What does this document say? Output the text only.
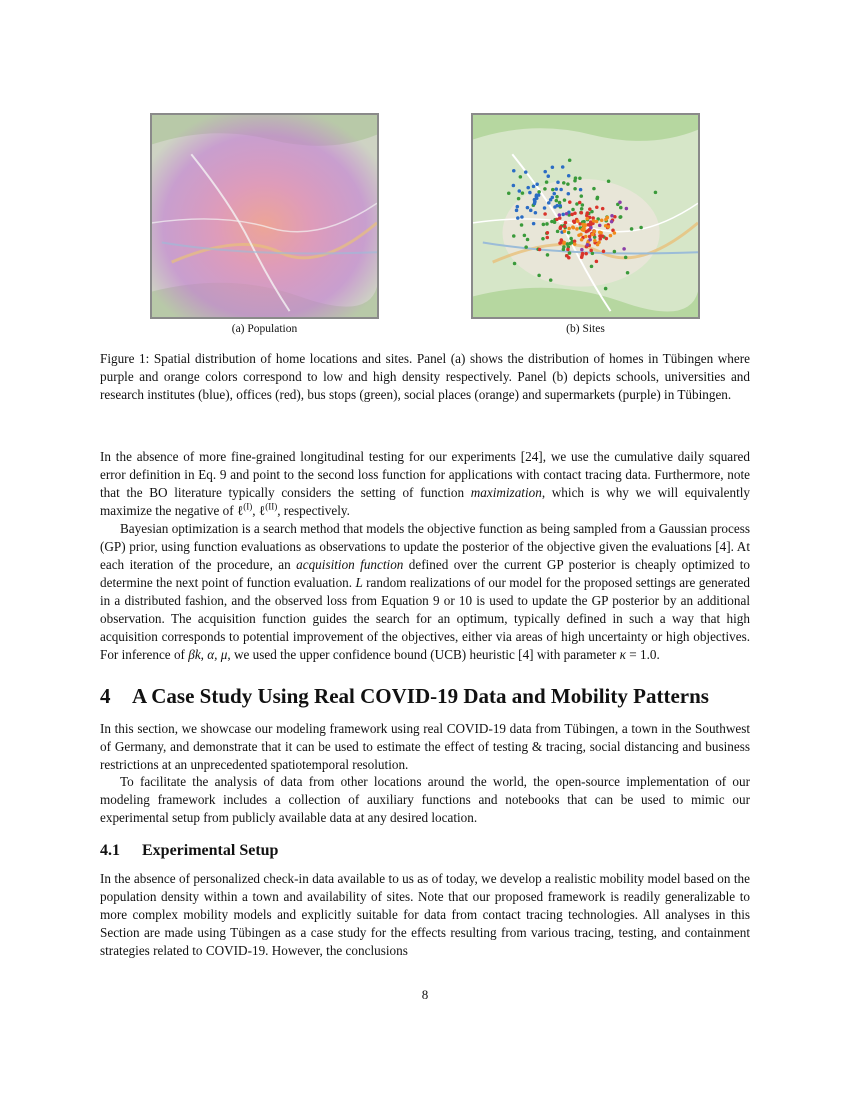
(a) Population	(b) Sites
Figure 1: Spatial distribution of home locations and sites. Panel (a) shows the distribution of homes in Tübingen where purple and orange colors correspond to low and high density respectively. Panel (b) depicts schools, universities and research institutes (blue), offices (red), bus stops (green), social places (orange) and supermarkets (purple) in Tübingen.

In the absence of more fine-grained longitudinal testing for our experiments [24], we use the cumulative daily squared error definition in Eq. 9 and point to the second loss function for applications with contact tracing data. Furthermore, note that the BO literature typically considers the setting of function maximization, which is why we will equivalently maximize the negative of ℓ$^{(I)}$, ℓ$^{(II)}$, respectively.

Bayesian optimization is a search method that models the objective function as being sampled from a Gaussian process (GP) prior, using function evaluations as observations to update the posterior of the objective given the evaluations [4]. At each iteration of the procedure, an acquisition function defined over the current GP posterior is cheaply optimized to determine the next point of function evaluation. L random realizations of our model for the proposed settings are generated in a distributed fashion, and the observed loss from Equation 9 or 10 is used to update the GP posterior by an additional observation. The acquisition function guides the search for an optimum, typically defined in such a way that high acquisition corresponds to potential improvement of the objectives, either via areas of high uncertainty or high objectives. For inference of βk, α, μ, we used the upper confidence bound (UCB) heuristic [4] with parameter κ = 1.0.

4 A Case Study Using Real COVID-19 Data and Mobility Patterns

In this section, we showcase our modeling framework using real COVID-19 data from Tübingen, a town in the Southwest of Germany, and demonstrate that it can be used to estimate the effect of testing & tracing, social distancing and business restrictions at an unprecedented spatiotemporal resolution.

To facilitate the analysis of data from other locations around the world, the open-source implementation of our modeling framework includes a collection of auxiliary functions and notebooks that can be used to mimic our experimental setup from publicly available data at any desired location.

4.1 Experimental Setup

In the absence of personalized check-in data available to us as of today, we develop a realistic mobility model based on the population density within a town and availability of sites. Note that our proposed framework is readily generalizable to more complex mobility models and explicitly suitable for data from contact tracing technologies. All analyses in this Section are made using Tübingen as a case study for the effects resulting from various tracing, testing, and containment strategies related to COVID-19. However, the conclusions

8
